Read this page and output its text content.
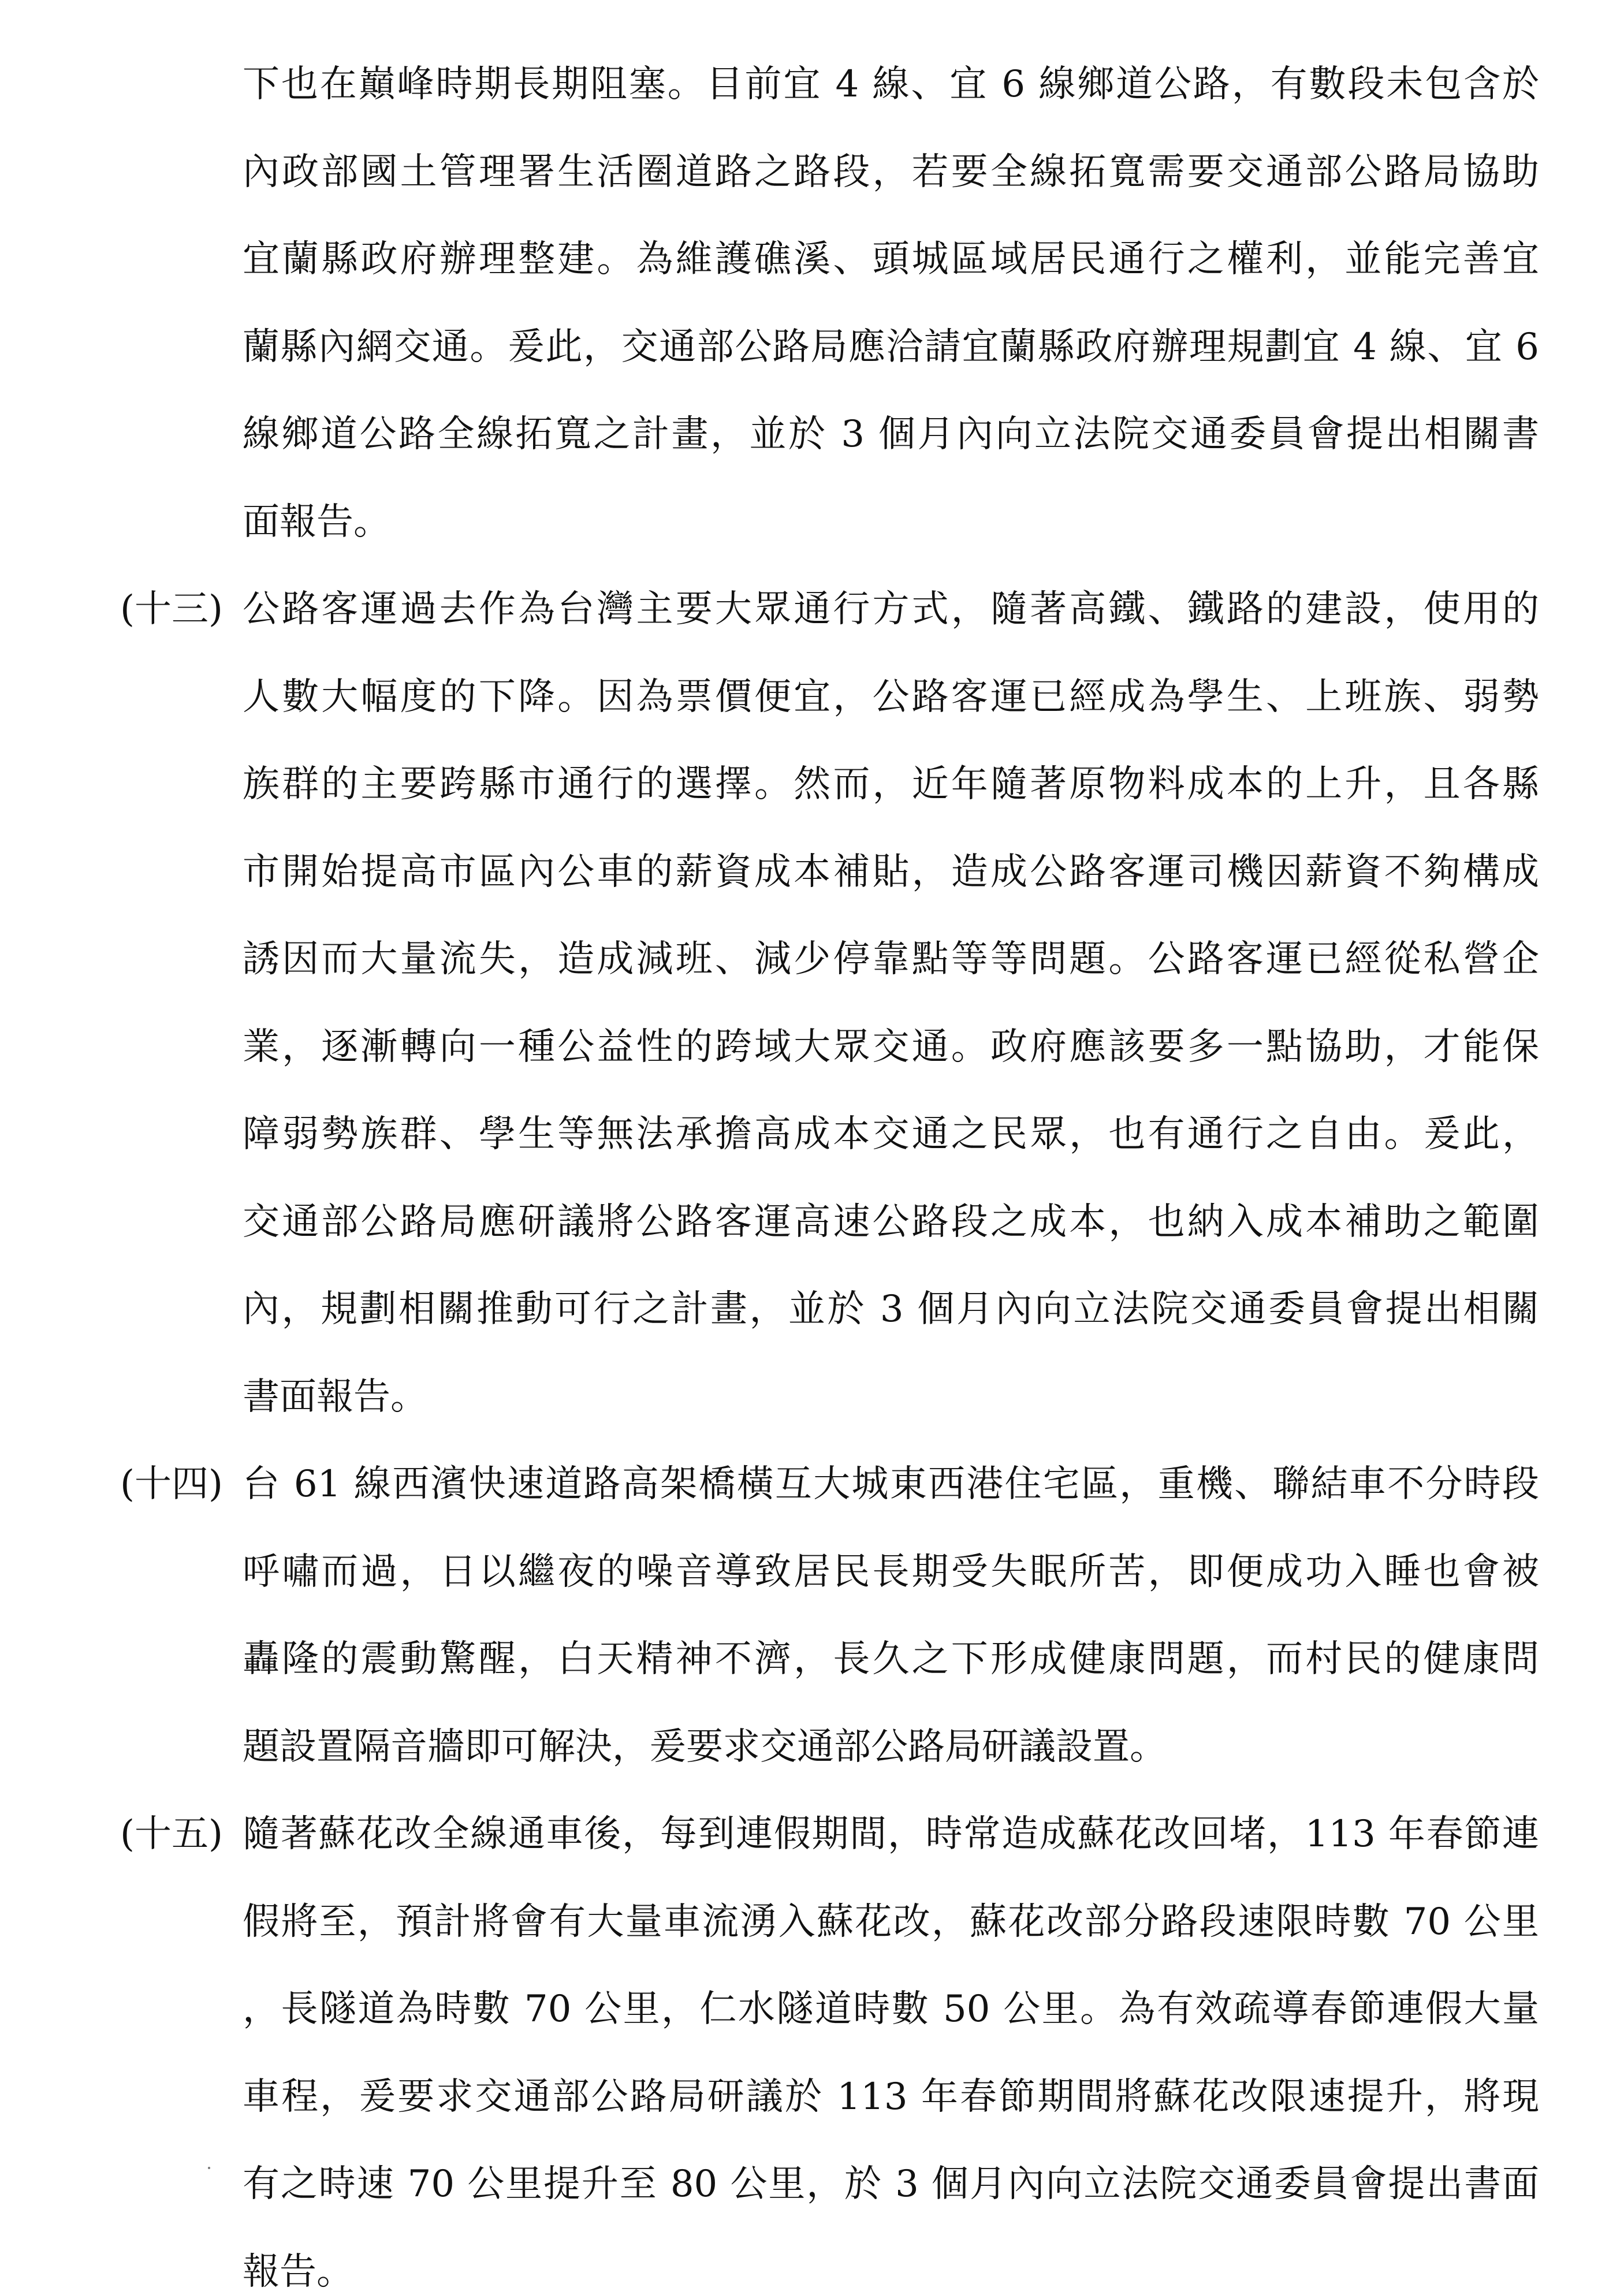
下也在巔峰時期長期阻塞。目前宜 4 線、宜 6 線鄉道公路，有數段未包含於
內政部國土管理署生活圈道路之路段，若要全線拓寬需要交通部公路局協助
宜蘭縣政府辦理整建。為維護礁溪、頭城區域居民通行之權利，並能完善宜
蘭縣內網交通。爰此，交通部公路局應洽請宜蘭縣政府辦理規劃宜 4 線、宜 6
線鄉道公路全線拓寬之計畫，並於 3 個月內向立法院交通委員會提出相關書
面報告。
(十三) 公路客運過去作為台灣主要大眾通行方式，隨著高鐵、鐵路的建設，使用的
人數大幅度的下降。因為票價便宜，公路客運已經成為學生、上班族、弱勢
族群的主要跨縣市通行的選擇。然而，近年隨著原物料成本的上升，且各縣
市開始提高市區內公車的薪資成本補貼，造成公路客運司機因薪資不夠構成
誘因而大量流失，造成減班、減少停靠點等等問題。公路客運已經從私營企
業，逐漸轉向一種公益性的跨域大眾交通。政府應該要多一點協助，才能保
障弱勢族群、學生等無法承擔高成本交通之民眾，也有通行之自由。爰此，
交通部公路局應研議將公路客運高速公路段之成本，也納入成本補助之範圍
內，規劃相關推動可行之計畫，並於 3 個月內向立法院交通委員會提出相關
書面報告。
(十四) 台 61 線西濱快速道路高架橋橫互大城東西港住宅區，重機、聯結車不分時段
呼嘯而過，日以繼夜的噪音導致居民長期受失眠所苦，即便成功入睡也會被
轟隆的震動驚醒，白天精神不濟，長久之下形成健康問題，而村民的健康問
題設置隔音牆即可解決，爰要求交通部公路局研議設置。
(十五) 隨著蘇花改全線通車後，每到連假期間，時常造成蘇花改回堵，113 年春節連
假將至，預計將會有大量車流湧入蘇花改，蘇花改部分路段速限時數 70 公里
，長隧道為時數 70 公里，仁水隧道時數 50 公里。為有效疏導春節連假大量
車程，爰要求交通部公路局研議於 113 年春節期間將蘇花改限速提升，將現
有之時速 70 公里提升至 80 公里，於 3 個月內向立法院交通委員會提出書面
報告。
